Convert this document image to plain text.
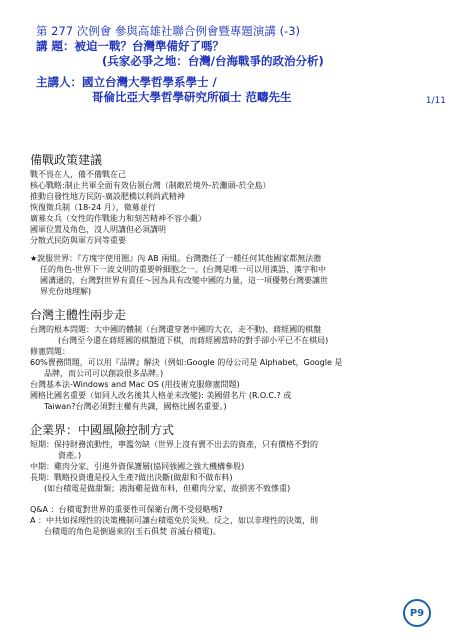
第 277 次例會 參與高雄社聯合例會暨專題演講 (-3)
講 題：被迫一戰？台灣準備好了嗎？
(兵家必爭之地：台灣/台海戰爭的政治分析)
主講人：國立台灣大學哲學系學士 /
哥倫比亞大學哲學研究所碩士 范疇先生	1/11
備戰政策建議
戰不畏在人，備不備戰在己
核心戰略:制止共軍全面有效佔領台灣（制敵於境外-於灘頭-於全島）
推動自發性地方民防-廣設肥橋以利尚武精神
恢復徵兵制（18-24 月），徵募並行
廣募女兵（女性的作戰能力和刻苦精神不容小覷）
國軍位置及角色，沒人明講但必須講明
分散式民防與軍方同等重要
★說服世界：『方塊字使用圈』內 AB 兩組。台灣擔任了一種任何其他國家都無法擔
任的角色-世界下一波文明的重要幹細胞之一。(台灣是唯一可以用漢語、漢字和中
國溝通的，台灣對世界有責任～因為具有改變中國的力量，這一項優勢台灣要讓世
界充份地理解)
台灣主體性兩步走
台灣的根本問題：大中國的體制（台灣還穿著中國的大衣，走不動)、蔣經國的棋盤
(台灣至今還在蔣經國的棋盤道下棋，而蔣經國當時的對手卻小平已不在棋局)
修憲問題：
60%賣務問題，可以用『品牌』解決（例如:Google 的母公司是 Alphabet，Google 是
品牌，而公司可以創設很多品牌。)
台灣基本法-Windows and Mac OS (用技術克服修憲問題)
國格比國名重要（如同人改名後其人格並未改變): 美國借名片 (R.O.C.? 或
Taiwan?台灣必須對主權有共識，國格比國名重要。)
企業界：中國風險控制方式
短期：保持財務流動性，寧濫勿缺（世界上沒有賣不出去的資產，只有價格不對的
資產。)
中期：雞肉分家、引進外資保護層(協同強國之強大機構參股)
長期：戰略投資遺是投入生產?做出決斷(做甜和不做布料)
(如台積電是做甜類；鴻海雞是做布料，但雞肉分家，故損害不致慘重)
Q&A ：台積電對世界的重要性可保衛台灣不受侵略嗎?
A ：中共如採理性的決策機制可讓台積電免於災殃。反之，如以非理性的決策，則
台積電的角色是倒過來的(玉石俱焚 首滅台積電)。
P9
